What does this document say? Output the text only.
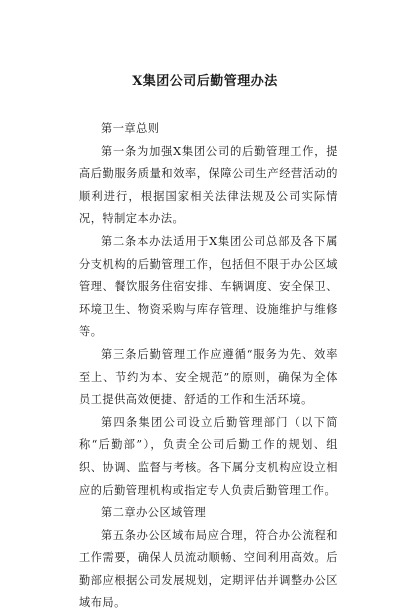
X集团公司后勤管理办法

第一章总则

第一条为加强X集团公司的后勤管理工作，提高后勤服务质量和效率，保障公司生产经营活动的顺利进行，根据国家相关法律法规及公司实际情况，特制定本办法。

第二条本办法适用于X集团公司总部及各下属分支机构的后勤管理工作，包括但不限于办公区域管理、餐饮服务住宿安排、车辆调度、安全保卫、环境卫生、物资采购与库存管理、设施维护与维修等。

第三条后勤管理工作应遵循“服务为先、效率至上、节约为本、安全规范”的原则，确保为全体员工提供高效便捷、舒适的工作和生活环境。

第四条集团公司设立后勤管理部门（以下简称“后勤部”），负责全公司后勤工作的规划、组织、协调、监督与考核。各下属分支机构应设立相应的后勤管理机构或指定专人负责后勤管理工作。

第二章办公区域管理

第五条办公区域布局应合理，符合办公流程和工作需要，确保人员流动顺畅、空间利用高效。后勤部应根据公司发展规划，定期评估并调整办公区域布局。
